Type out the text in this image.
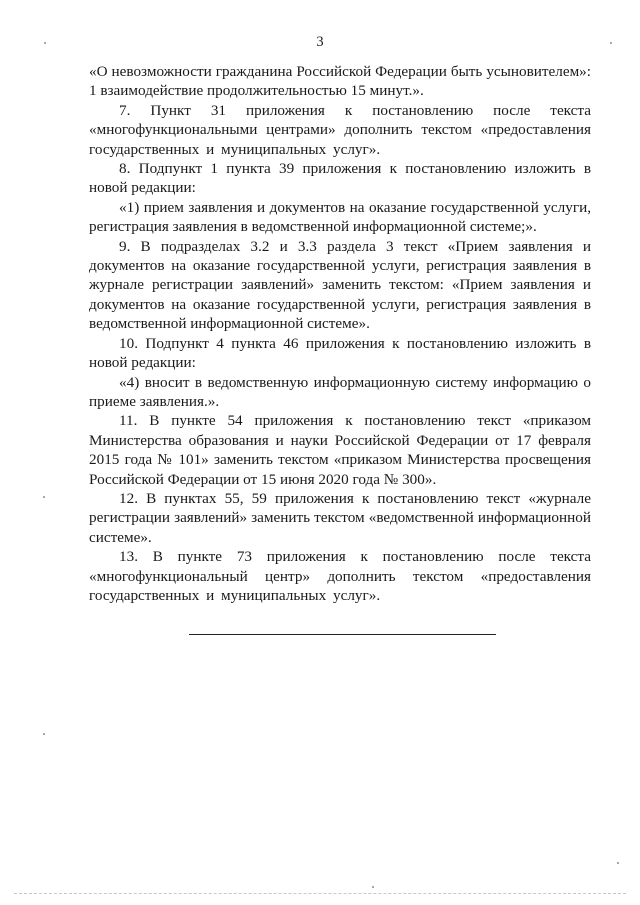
3

«О невозможности гражданина Российской Федерации быть усыновителем»: 1 взаимодействие продолжительностью 15 минут.».

7. Пункт 31 приложения к постановлению после текста «многофункциональными центрами» дополнить текстом «предоставления государственных и муниципальных услуг».

8. Подпункт 1 пункта 39 приложения к постановлению изложить в новой редакции:

«1) прием заявления и документов на оказание государственной услуги, регистрация заявления в ведомственной информационной системе;».

9. В подразделах 3.2 и 3.3 раздела 3 текст «Прием заявления и документов на оказание государственной услуги, регистрация заявления в журнале регистрации заявлений» заменить текстом: «Прием заявления и документов на оказание государственной услуги, регистрация заявления в ведомственной информационной системе».

10. Подпункт 4 пункта 46 приложения к постановлению изложить в новой редакции:

«4) вносит в ведомственную информационную систему информацию о приеме заявления.».

11. В пункте 54 приложения к постановлению текст «приказом Министерства образования и науки Российской Федерации от 17 февраля 2015 года № 101» заменить текстом «приказом Министерства просвещения Российской Федерации от 15 июня 2020 года № 300».

12. В пунктах 55, 59 приложения к постановлению текст «журнале регистрации заявлений» заменить текстом «ведомственной информационной системе».

13. В пункте 73 приложения к постановлению после текста «многофункциональный центр» дополнить текстом «предоставления государственных и муниципальных услуг».
